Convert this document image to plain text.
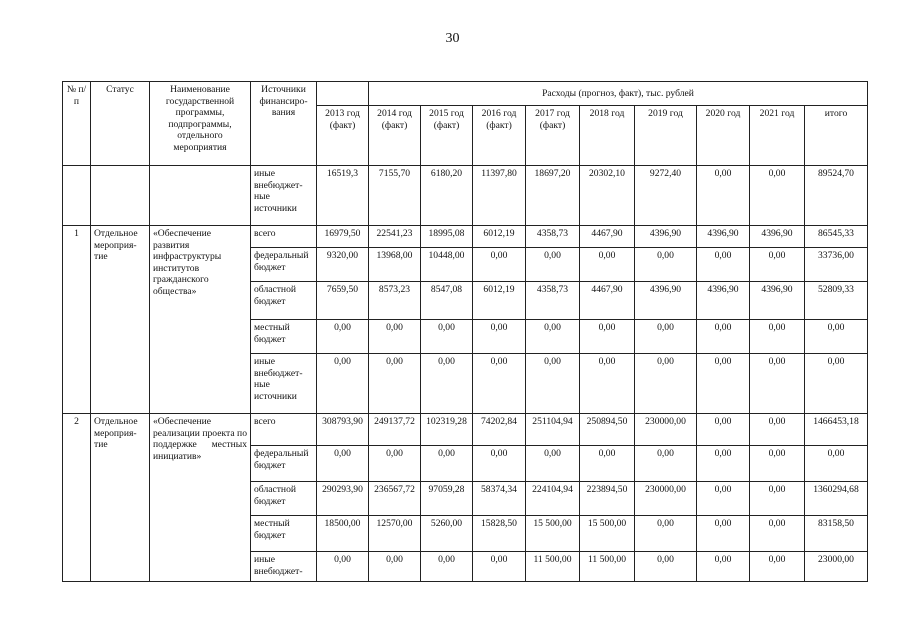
30
№ п/п	Статус	Наименование государственной программы, подпрограммы, отдельного мероприятия	Источники финансиро-вания		Расходы (прогноз, факт), тыс. рублей								
				2013 год (факт)	2014 год (факт)	2015 год (факт)	2016 год (факт)	2017 год (факт)	2018 год	2019 год	2020 год	2021 год	итого
			иные внебюджет-ные источники	16519,3	7155,70	6180,20	11397,80	18697,20	20302,10	9272,40	0,00	0,00	89524,70
1	Отдельное мероприя-тие	«Обеспечение развития инфраструктуры институтов гражданского общества»	всего	16979,50	22541,23	18995,08	6012,19	4358,73	4467,90	4396,90	4396,90	4396,90	86545,33
			федеральный бюджет	9320,00	13968,00	10448,00	0,00	0,00	0,00	0,00	0,00	0,00	33736,00
			областной бюджет	7659,50	8573,23	8547,08	6012,19	4358,73	4467,90	4396,90	4396,90	4396,90	52809,33
			местный бюджет	0,00	0,00	0,00	0,00	0,00	0,00	0,00	0,00	0,00	0,00
			иные внебюджет-ные источники	0,00	0,00	0,00	0,00	0,00	0,00	0,00	0,00	0,00	0,00
2	Отдельное мероприя-тие	«Обеспечение реализации проекта по поддержке местных инициатив»	всего	308793,90	249137,72	102319,28	74202,84	251104,94	250894,50	230000,00	0,00	0,00	1466453,18
			федеральный бюджет	0,00	0,00	0,00	0,00	0,00	0,00	0,00	0,00	0,00	0,00
			областной бюджет	290293,90	236567,72	97059,28	58374,34	224104,94	223894,50	230000,00	0,00	0,00	1360294,68
			местный бюджет	18500,00	12570,00	5260,00	15828,50	15 500,00	15 500,00	0,00	0,00	0,00	83158,50
			иные внебюджет-	0,00	0,00	0,00	0,00	11 500,00	11 500,00	0,00	0,00	0,00	23000,00
